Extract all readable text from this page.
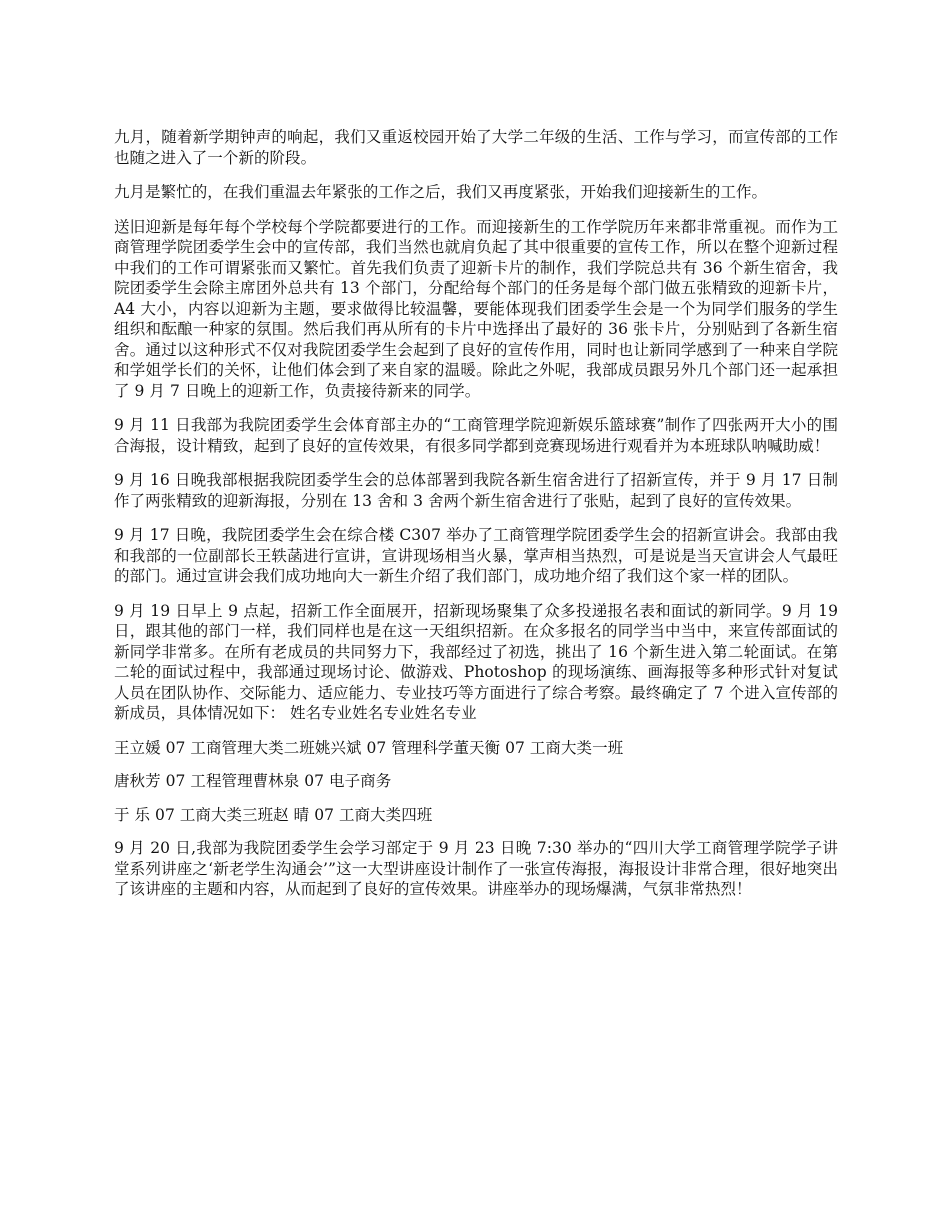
九月，随着新学期钟声的响起，我们又重返校园开始了大学二年级的生活、工作与学习，而宣传部的工作也随之进入了一个新的阶段。

九月是繁忙的，在我们重温去年紧张的工作之后，我们又再度紧张，开始我们迎接新生的工作。

送旧迎新是每年每个学校每个学院都要进行的工作。而迎接新生的工作学院历年来都非常重视。而作为工商管理学院团委学生会中的宣传部，我们当然也就肩负起了其中很重要的宣传工作，所以在整个迎新过程中我们的工作可谓紧张而又繁忙。首先我们负责了迎新卡片的制作，我们学院总共有 36 个新生宿舍，我院团委学生会除主席团外总共有 13 个部门，分配给每个部门的任务是每个部门做五张精致的迎新卡片，A4 大小，内容以迎新为主题，要求做得比较温馨，要能体现我们团委学生会是一个为同学们服务的学生组织和酝酿一种家的氛围。然后我们再从所有的卡片中选择出了最好的 36 张卡片，分别贴到了各新生宿舍。通过以这种形式不仅对我院团委学生会起到了良好的宣传作用，同时也让新同学感到了一种来自学院和学姐学长们的关怀，让他们体会到了来自家的温暖。除此之外呢，我部成员跟另外几个部门还一起承担了 9 月 7 日晚上的迎新工作，负责接待新来的同学。

9 月 11 日我部为我院团委学生会体育部主办的“工商管理学院迎新娱乐篮球赛”制作了四张两开大小的围合海报，设计精致，起到了良好的宣传效果，有很多同学都到竞赛现场进行观看并为本班球队呐喊助威！

9 月 16 日晚我部根据我院团委学生会的总体部署到我院各新生宿舍进行了招新宣传，并于 9 月 17 日制作了两张精致的迎新海报，分别在 13 舍和 3 舍两个新生宿舍进行了张贴，起到了良好的宣传效果。

9 月 17 日晚，我院团委学生会在综合楼 C307 举办了工商管理学院团委学生会的招新宣讲会。我部由我和我部的一位副部长王轶菡进行宣讲，宣讲现场相当火暴，掌声相当热烈，可是说是当天宣讲会人气最旺的部门。通过宣讲会我们成功地向大一新生介绍了我们部门，成功地介绍了我们这个家一样的团队。

9 月 19 日早上 9 点起，招新工作全面展开，招新现场聚集了众多投递报名表和面试的新同学。9 月 19 日，跟其他的部门一样，我们同样也是在这一天组织招新。在众多报名的同学当中当中，来宣传部面试的新同学非常多。在所有老成员的共同努力下，我部经过了初选，挑出了 16 个新生进入第二轮面试。在第二轮的面试过程中，我部通过现场讨论、做游戏、Photoshop 的现场演练、画海报等多种形式针对复试人员在团队协作、交际能力、适应能力、专业技巧等方面进行了综合考察。最终确定了 7 个进入宣传部的新成员，具体情况如下： 姓名专业姓名专业姓名专业

王立媛 07 工商管理大类二班姚兴斌 07 管理科学董天衡 07 工商大类一班

唐秋芳 07 工程管理曹林泉 07 电子商务

于 乐 07 工商大类三班赵 晴 07 工商大类四班

9 月 20 日,我部为我院团委学生会学习部定于 9 月 23 日晚 7:30 举办的“四川大学工商管理学院学子讲堂系列讲座之‘新老学生沟通会’”这一大型讲座设计制作了一张宣传海报，海报设计非常合理，很好地突出了该讲座的主题和内容，从而起到了良好的宣传效果。讲座举办的现场爆满，气氛非常热烈！
